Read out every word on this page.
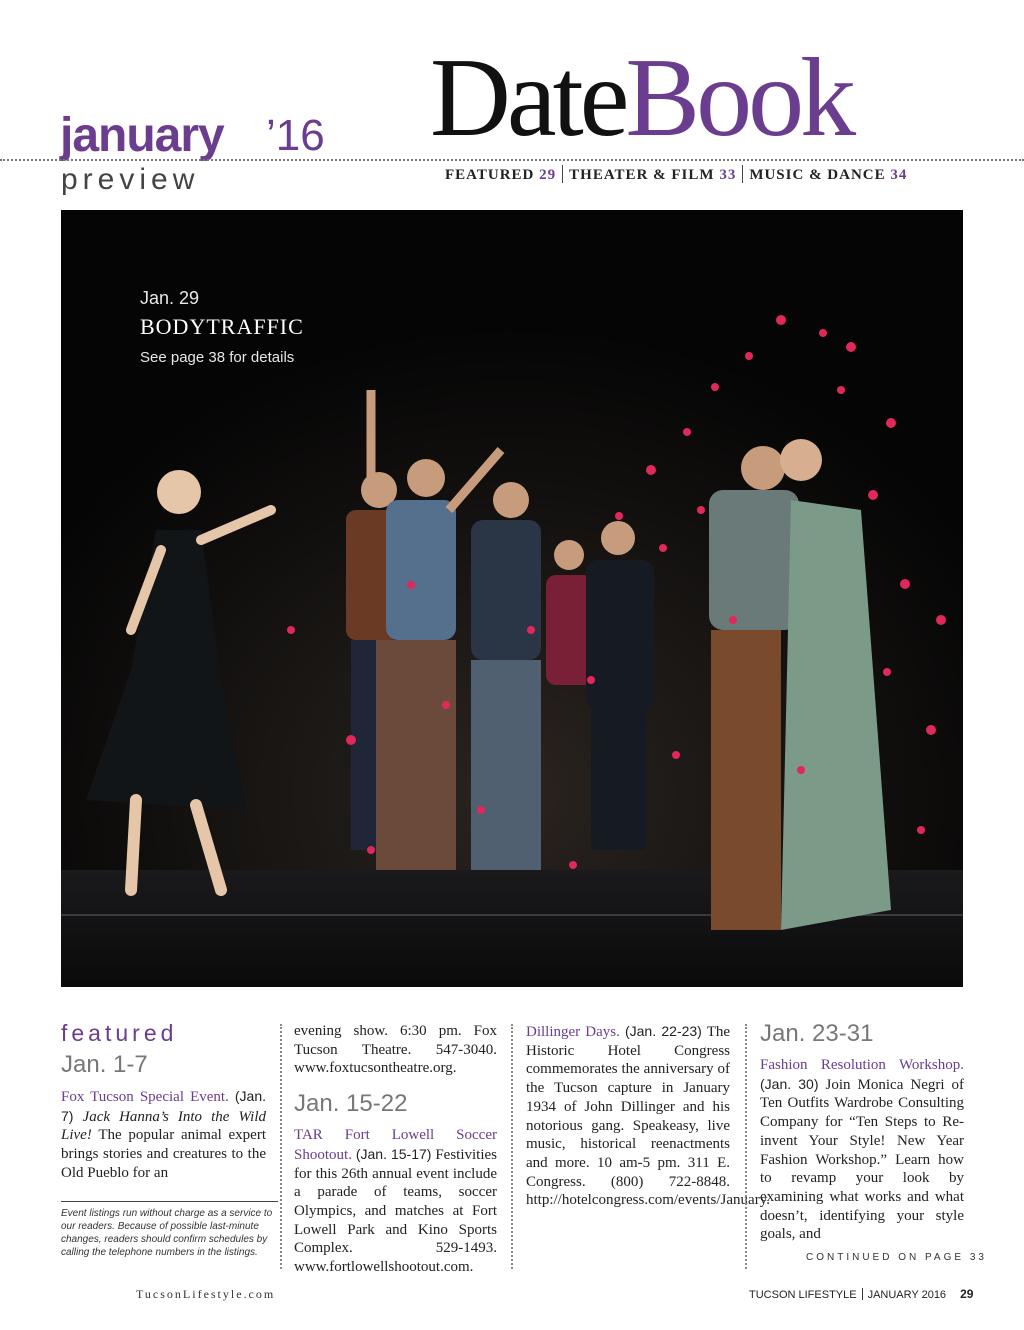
january ’16
preview
DateBook
FEATURED 29 THEATER & FILM 33 MUSIC & DANCE 34
Jan. 29
BODYTRAFFIC
See page 38 for details
featured
Jan. 1-7

Fox Tucson Special Event. (Jan. 7) Jack Hanna’s Into the Wild Live! The popular animal expert brings stories and creatures to the Old Pueblo for an

Event listings run without charge as a service to our readers. Because of possible last-minute changes, readers should confirm schedules by calling the telephone numbers in the listings.

evening show. 6:30 pm. Fox Tucson Theatre. 547-3040. www.foxtucsontheatre.org.

Jan. 15-22

TAR Fort Lowell Soccer Shootout. (Jan. 15-17) Festivities for this 26th annual event include a parade of teams, soccer Olympics, and matches at Fort Lowell Park and Kino Sports Complex. 529-1493. www.fortlowellshootout.com.

Dillinger Days. (Jan. 22-23) The Historic Hotel Congress commemorates the anniversary of the Tucson capture in January 1934 of John Dillinger and his notorious gang. Speakeasy, live music, historical reenactments and more. 10 am-5 pm. 311 E. Congress. (800) 722-8848. http://hotelcongress.com/events/January.

Jan. 23-31

Fashion Resolution Workshop. (Jan. 30) Join Monica Negri of Ten Outfits Wardrobe Consulting Company for “Ten Steps to Re-invent Your Style! New Year Fashion Workshop.” Learn how to revamp your look by examining what works and what doesn’t, identifying your style goals, and

CONTINUED ON PAGE 33
TucsonLifestyle.com	TUCSON LIFESTYLE JANUARY 2016 29
